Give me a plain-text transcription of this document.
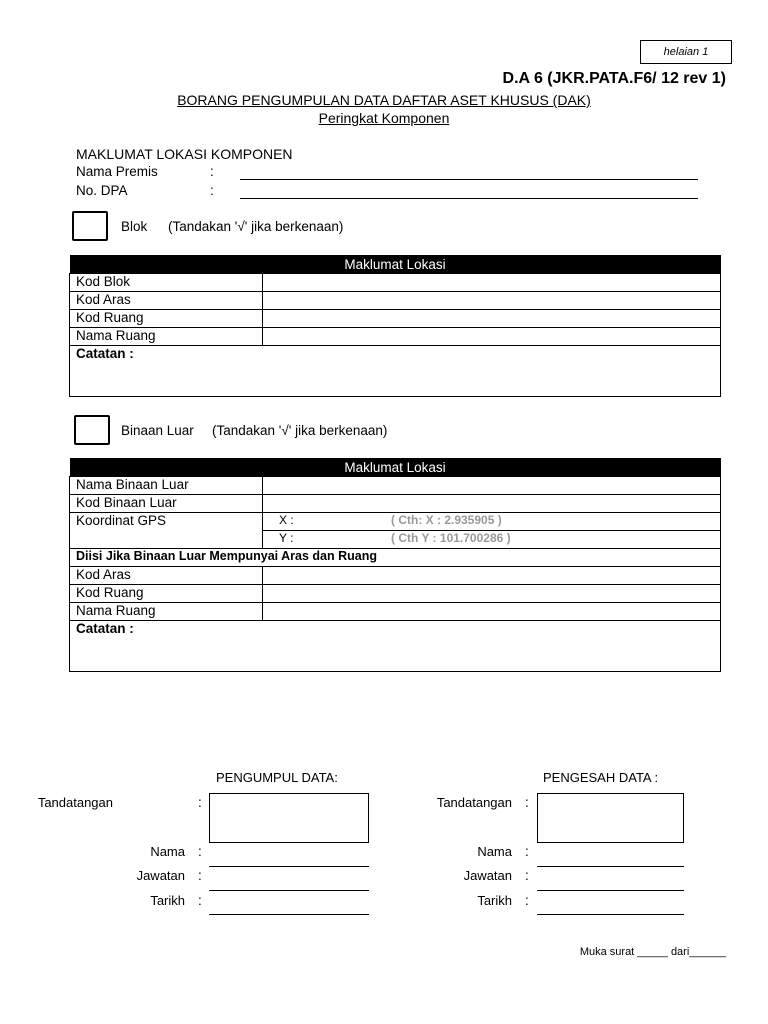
helaian 1
D.A 6 (JKR.PATA.F6/ 12 rev 1)
BORANG PENGUMPULAN DATA DAFTAR ASET KHUSUS (DAK)
Peringkat Komponen
MAKLUMAT LOKASI KOMPONEN
Nama Premis	:
No. DPA	:
Blok (Tandakan '√' jika berkenaan)
Maklumat Lokasi	
Kod Blok	
Kod Aras	
Kod Ruang	
Nama Ruang	
Catatan :	
Binaan Luar (Tandakan '√' jika berkenaan)
Maklumat Lokasi	
Nama Binaan Luar	
Kod Binaan Luar	
Koordinat GPS	X : ( Cth: X : 2.935905 )

	Y : ( Cth Y : 101.700286 )

Diisi Jika Binaan Luar Mempunyai Aras dan Ruang	
Kod Aras	
Kod Ruang	
Nama Ruang	
Catatan :	
PENGUMPUL DATA:
Tandatangan	:
Nama :
Jawatan :
Tarikh :
PENGESAH DATA :
Tandatangan :
Nama :
Jawatan :
Tarikh :
Muka surat _____ dari______
